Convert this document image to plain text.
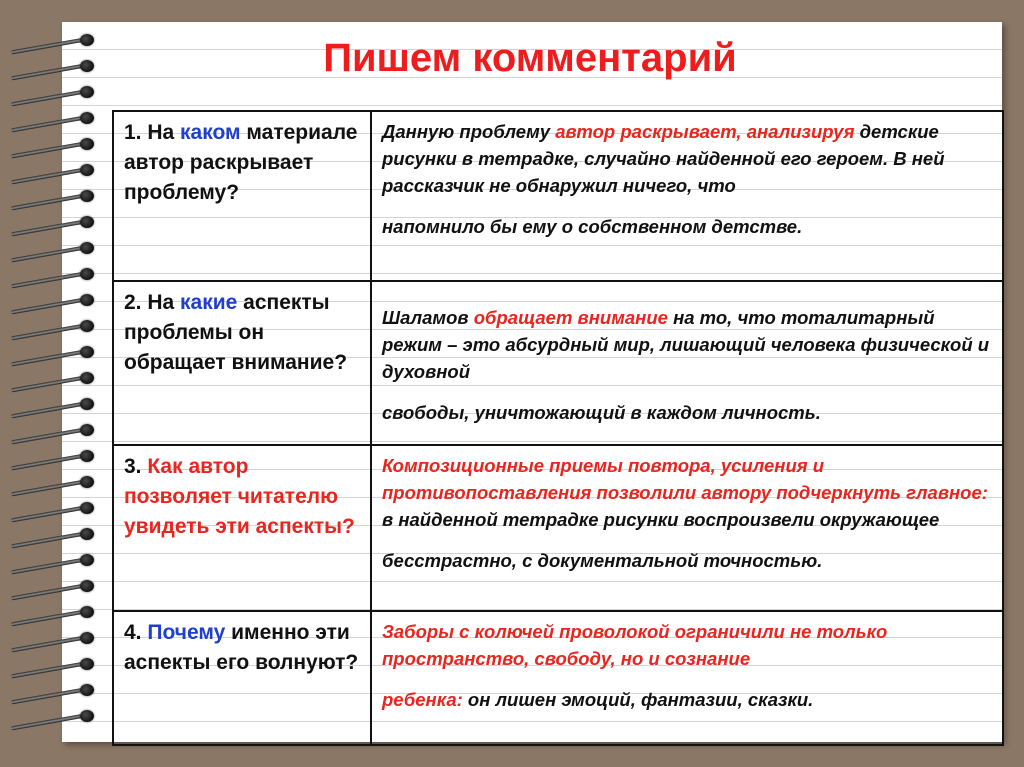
Пишем комментарий
1. На каком материале автор раскрывает проблему?	Данную проблему автор раскрывает, анализируя детские рисунки в тетрадке, случайно найденной его героем. В ней рассказчик не обнаружил ничего, что
напомнило бы ему о собственном детстве.
2. На какие аспекты проблемы он обращает внимание?	Шаламов обращает внимание на то, что тоталитарный режим – это абсурдный мир, лишающий человека физической и духовной
свободы, уничтожающий в каждом личность.
3. Как автор позволяет читателю увидеть эти аспекты?	Композиционные приемы повтора, усиления и противопоставления позволили автору подчеркнуть главное: в найденной тетрадке рисунки воспроизвели окружающее
бесстрастно, с документальной точностью.
4. Почему именно эти аспекты его волнуют?	Заборы с колючей проволокой ограничили не только пространство, свободу, но и сознание
ребенка: он лишен эмоций, фантазии, сказки.
